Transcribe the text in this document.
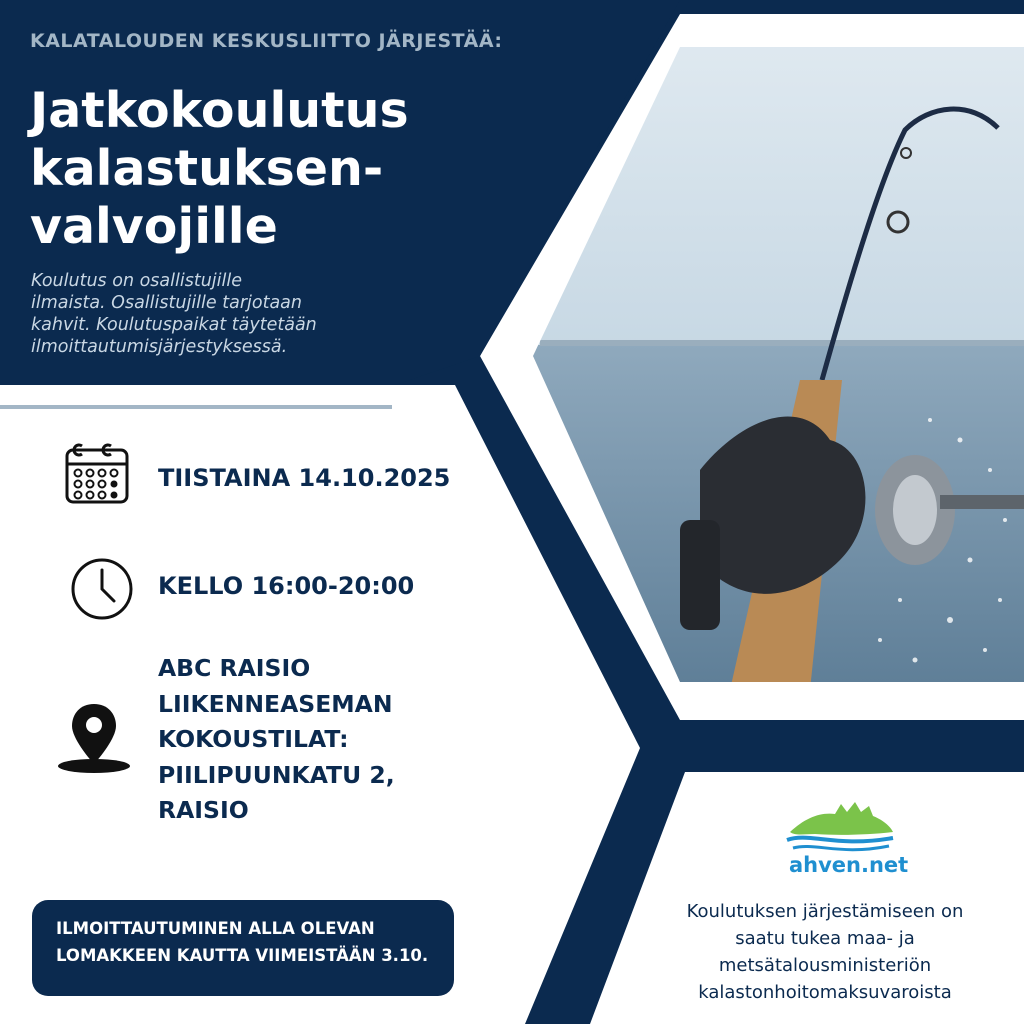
KALATALOUDEN KESKUSLIITTO JÄRJESTÄÄ:
Jatkokoulutus
kalastuksen-
valvojille
Koulutus on osallistujille
ilmaista. Osallistujille tarjotaan
kahvit. Koulutuspaikat täytetään
ilmoittautumisjärjestyksessä.
TIISTAINA 14.10.2025
KELLO 16:00-20:00
ABC RAISIO
LIIKENNEASEMAN
KOKOUSTILAT:
PIILIPUUNKATU 2,
RAISIO
ILMOITTAUTUMINEN ALLA OLEVAN
LOMAKKEEN KAUTTA VIIMEISTÄÄN 3.10.
ahven.net
Koulutuksen järjestämiseen on
saatu tukea maa- ja
metsätalousministeriön
kalastonhoitomaksuvaroista
